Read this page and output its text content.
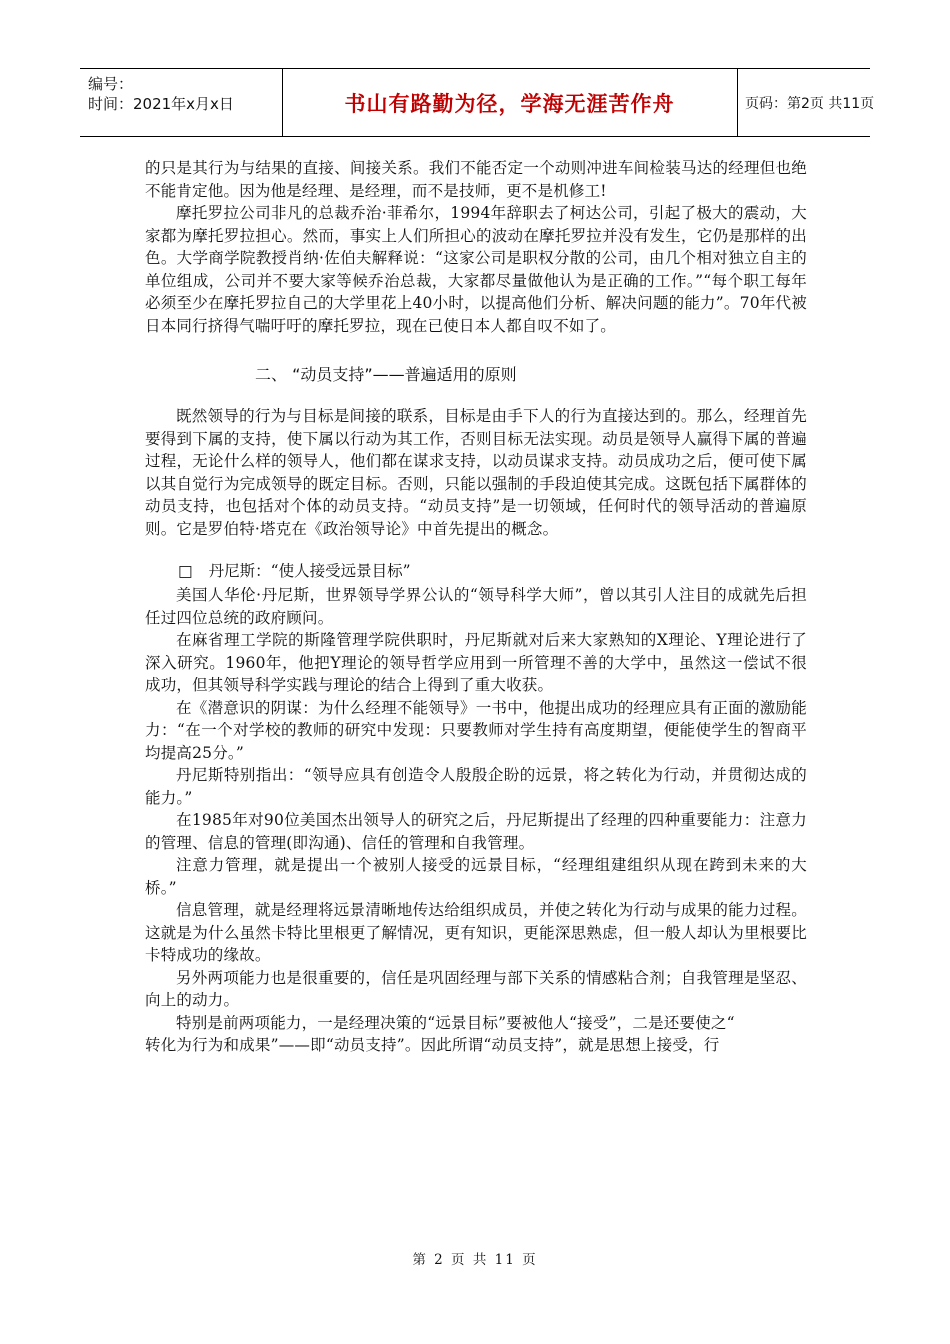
编号：
时间：2021年x月x日	书山有路勤为径，学海无涯苦作舟	页码：第2页 共11页

的只是其行为与结果的直接、间接关系。我们不能否定一个动则冲进车间检装马达的经理但也绝不能肯定他。因为他是经理、是经理，而不是技师，更不是机修工!

摩托罗拉公司非凡的总裁乔治·菲希尔，1994年辞职去了柯达公司，引起了极大的震动，大家都为摩托罗拉担心。然而，事实上人们所担心的波动在摩托罗拉并没有发生，它仍是那样的出色。大学商学院教授肖纳·佐伯夫解释说：“这家公司是职权分散的公司，由几个相对独立自主的单位组成，公司并不要大家等候乔治总裁，大家都尽量做他认为是正确的工作。”“每个职工每年必须至少在摩托罗拉自己的大学里花上40小时，以提高他们分析、解决问题的能力”。70年代被日本同行挤得气喘吁吁的摩托罗拉，现在已使日本人都自叹不如了。

二、 “动员支持”——普遍适用的原则

既然领导的行为与目标是间接的联系，目标是由手下人的行为直接达到的。那么，经理首先要得到下属的支持，使下属以行动为其工作，否则目标无法实现。动员是领导人赢得下属的普遍过程，无论什么样的领导人，他们都在谋求支持，以动员谋求支持。动员成功之后，便可使下属以其自觉行为完成领导的既定目标。否则，只能以强制的手段迫使其完成。这既包括下属群体的动员支持，也包括对个体的动员支持。“动员支持”是一切领域，任何时代的领导活动的普遍原则。它是罗伯特·塔克在《政治领导论》中首先提出的概念。

□ 丹尼斯：“使人接受远景目标”

美国人华伦·丹尼斯，世界领导学界公认的“领导科学大师”，曾以其引人注目的成就先后担任过四位总统的政府顾问。

在麻省理工学院的斯隆管理学院供职时，丹尼斯就对后来大家熟知的X理论、Y理论进行了深入研究。1960年，他把Y理论的领导哲学应用到一所管理不善的大学中，虽然这一偿试不很成功，但其领导科学实践与理论的结合上得到了重大收获。

在《潜意识的阴谋：为什么经理不能领导》一书中，他提出成功的经理应具有正面的激励能力：“在一个对学校的教师的研究中发现：只要教师对学生持有高度期望，便能使学生的智商平均提高25分。”

丹尼斯特别指出：“领导应具有创造令人殷殷企盼的远景，将之转化为行动，并贯彻达成的能力。”

在1985年对90位美国杰出领导人的研究之后，丹尼斯提出了经理的四种重要能力：注意力的管理、信息的管理(即沟通)、信任的管理和自我管理。

注意力管理，就是提出一个被别人接受的远景目标，“经理组建组织从现在跨到未来的大桥。”

信息管理，就是经理将远景清晰地传达给组织成员，并使之转化为行动与成果的能力过程。这就是为什么虽然卡特比里根更了解情况，更有知识，更能深思熟虑，但一般人却认为里根要比卡特成功的缘故。

另外两项能力也是很重要的，信任是巩固经理与部下关系的情感粘合剂；自我管理是坚忍、向上的动力。

特别是前两项能力，一是经理决策的“远景目标”要被他人“接受”，二是还要使之“

转化为行为和成果”——即“动员支持”。因此所谓“动员支持”，就是思想上接受，行

第 2 页 共 11 页
